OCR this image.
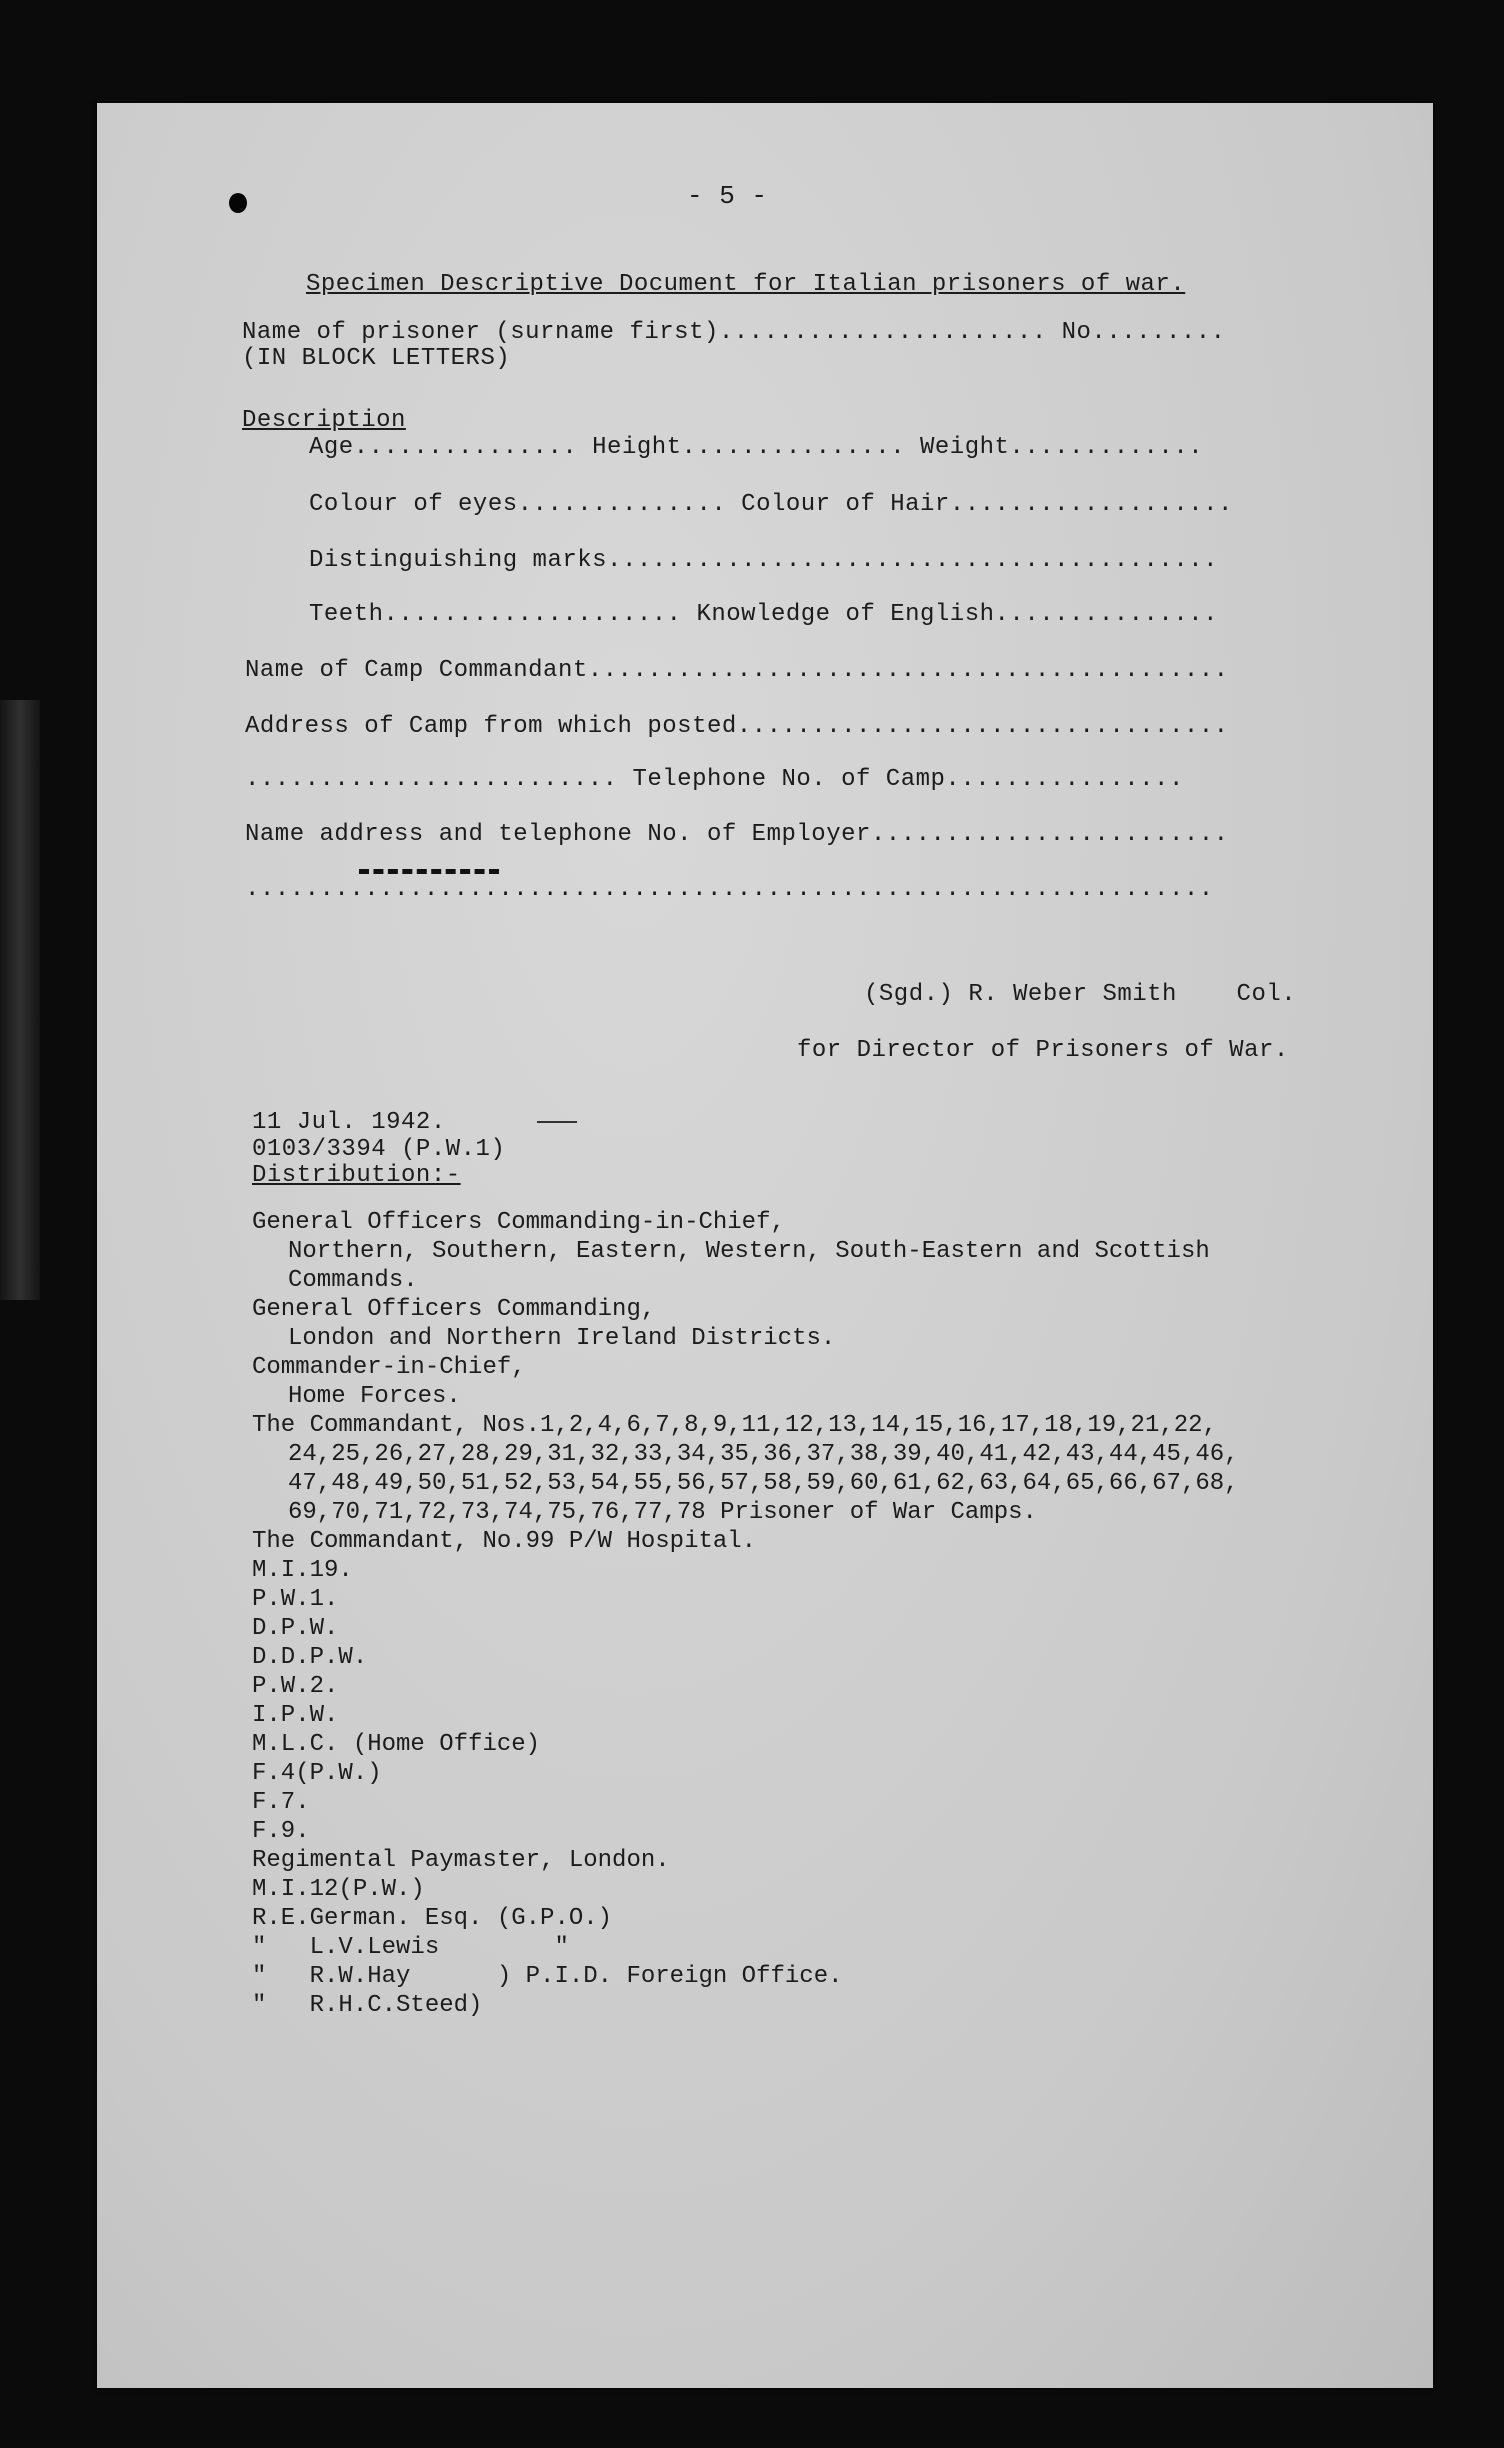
- 5 -
Specimen Descriptive Document for Italian prisoners of war.
Name of prisoner (surname first)...................... No.........
(IN BLOCK LETTERS)
Description
Age............... Height............... Weight.............
Colour of eyes.............. Colour of Hair...................
Distinguishing marks.........................................
Teeth.................... Knowledge of English...............
Name of Camp Commandant...........................................
Address of Camp from which posted.................................
......................... Telephone No. of Camp................
Name address and telephone No. of Employer........................
.................................................................
(Sgd.) R. Weber Smith    Col.
for Director of Prisoners of War.
11 Jul. 1942.
0103/3394 (P.W.1)
Distribution:-
General Officers Commanding-in-Chief,
Northern, Southern, Eastern, Western, South-Eastern and Scottish
Commands.
General Officers Commanding,
London and Northern Ireland Districts.
Commander-in-Chief,
Home Forces.
The Commandant, Nos.1,2,4,6,7,8,9,11,12,13,14,15,16,17,18,19,21,22,
24,25,26,27,28,29,31,32,33,34,35,36,37,38,39,40,41,42,43,44,45,46,
47,48,49,50,51,52,53,54,55,56,57,58,59,60,61,62,63,64,65,66,67,68,
69,70,71,72,73,74,75,76,77,78 Prisoner of War Camps.
The Commandant, No.99 P/W Hospital.
M.I.19.
P.W.1.
D.P.W.
D.D.P.W.
P.W.2.
I.P.W.
M.L.C. (Home Office)
F.4(P.W.)
F.7.
F.9.
Regimental Paymaster, London.
M.I.12(P.W.)
R.E.German. Esq. (G.P.O.)
"   L.V.Lewis        "
"   R.W.Hay      ) P.I.D. Foreign Office.
"   R.H.C.Steed)
